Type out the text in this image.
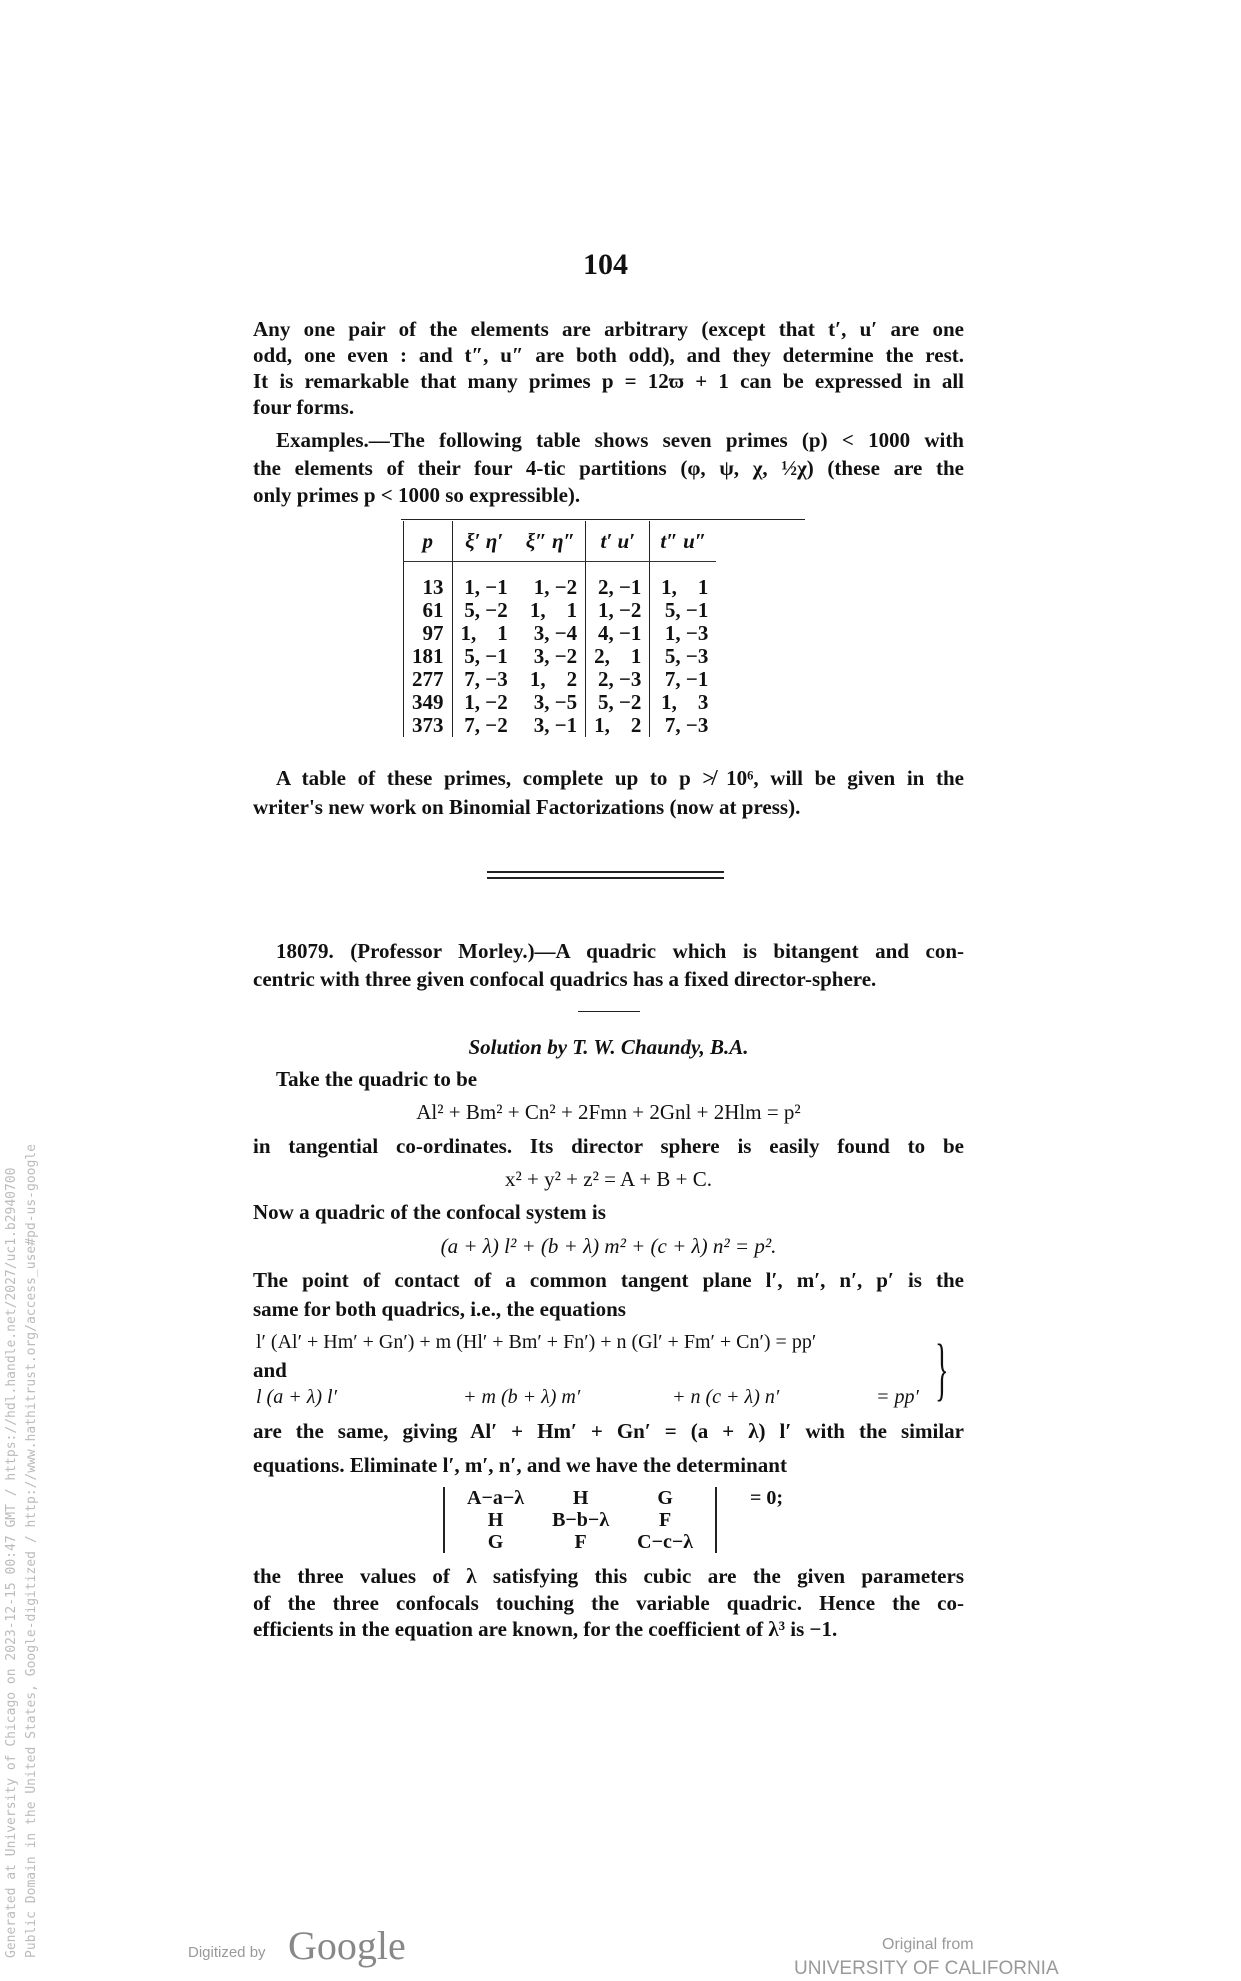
104
Any one pair of the elements are arbitrary (except that t′, u′ are one
odd, one even : and t″, u″ are both odd), and they determine the rest.
It is remarkable that many primes p = 12ϖ + 1 can be expressed in all
four forms.
Examples.—The following table shows seven primes (p) < 1000 with
the elements of their four 4-tic partitions (φ, ψ, χ, ½χ) (these are the
only primes p < 1000 so expressible).
p	ξ′ η′	ξ″ η″	t′ u′	t″ u″
13	1, −1	1, −2	2, −1	1,    1
61	5, −2	1,    1	1, −2	5, −1
97	1,    1	3, −4	4, −1	1, −3
181	5, −1	3, −2	2,    1	5, −3
277	7, −3	1,    2	2, −3	7, −1
349	1, −2	3, −5	5, −2	1,    3
373	7, −2	3, −1	1,    2	7, −3
A table of these primes, complete up to p ≯ 10⁶, will be given in the
writer's new work on Binomial Factorizations (now at press).
18079. (Professor Morley.)—A quadric which is bitangent and con-
centric with three given confocal quadrics has a fixed director-sphere.
Solution by T. W. Chaundy, B.A.
Take the quadric to be
Al² + Bm² + Cn² + 2Fmn + 2Gnl + 2Hlm = p²
in tangential co-ordinates. Its director sphere is easily found to be
x² + y² + z² = A + B + C.
Now a quadric of the confocal system is
(a + λ) l² + (b + λ) m² + (c + λ) n² = p².
The point of contact of a common tangent plane l′, m′, n′, p′ is the
same for both quadrics, i.e., the equations
l′ (Al′ + Hm′ + Gn′) + m (Hl′ + Bm′ + Fn′) + n (Gl′ + Fm′ + Cn′) = pp′
and
l (a + λ) l′	+ m (b + λ) m′	+ n (c + λ) n′	= pp′ }
are the same, giving Al′ + Hm′ + Gn′ = (a + λ) l′ with the similar
equations. Eliminate l′, m′, n′, and we have the determinant
A−a−λ	H	G
H	B−b−λ	F
G	F	C−c−λ
= 0;
the three values of λ satisfying this cubic are the given parameters
of the three confocals touching the variable quadric. Hence the co-
efficients in the equation are known, for the coefficient of λ³ is −1.
Generated at University of Chicago on 2023-12-15 00:47 GMT / https://hdl.handle.net/2027/uc1.b2940700 Public Domain in the United States, Google-digitized / http://www.hathitrust.org/access_use#pd-us-google	Digitized by Google	Original from
UNIVERSITY OF CALIFORNIA
